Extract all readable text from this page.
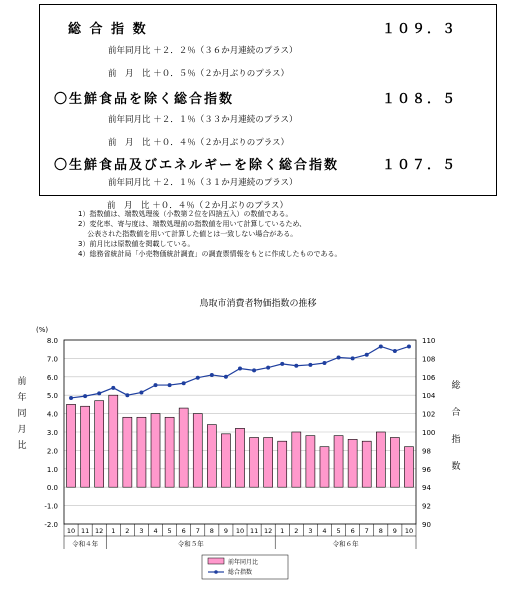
総 合 指 数	１０９．３
前年同月比 ＋２．２％（３６か月連続のプラス）
前　月　比 ＋０．５％（２か月ぶりのプラス）
〇生鮮食品を除く総合指数	１０８．５
前年同月比 ＋２．１％（３３か月連続のプラス）
前　月　比 ＋０．４％（２か月ぶりのプラス）
〇生鮮食品及びエネルギーを除く総合指数	１０７．５
前年同月比 ＋２．１％（３１か月連続のプラス）
前　月　比 ＋０．４％（２か月ぶりのプラス）
1）指数値は、端数処理後（小数第２位を四捨五入）の数値である。
2）変化率、寄与度は、端数処理前の指数値を用いて計算しているため、
　 公表された指数値を用いて計算した値とは一致しない場合がある。
3）前月比は原数値を掲載している。
4）総務省統計局「小売物価統計調査」の調査票情報をもとに作成したものである。
鳥取市消費者物価指数の推移
(%)
8.0
7.0
6.0
5.0
4.0
3.0
2.0
1.0
0.0
-1.0
-2.0
110
108
106
104
102
100
98
96
94
92
90
10 11 12 1 2 3 4 5 6 7 8 9 10 11 12 1 2 3 4 5 6 7 8 9 10
令和４年	令和５年	令和６年
前
年
同
月
比
総
合
指
数
前年同月比
総合指数
